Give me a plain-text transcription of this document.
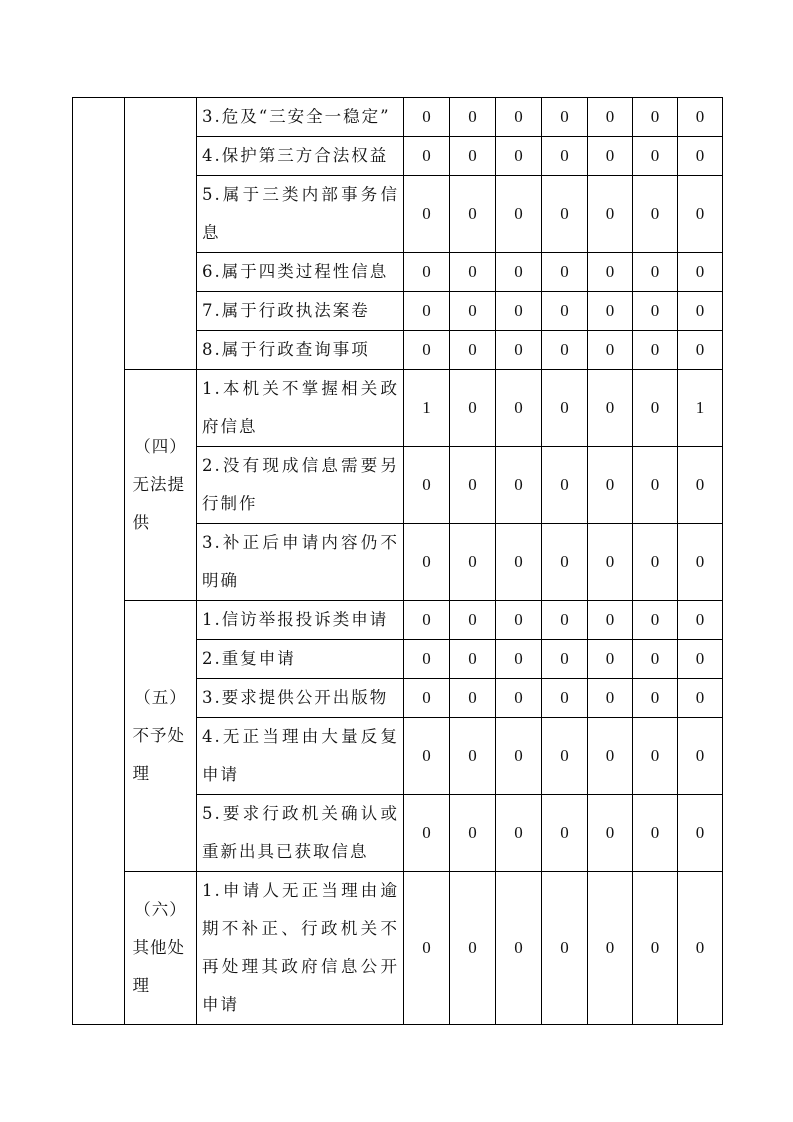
	3.危及“三安全一稳定”	0	0	0	0	0	0	0
		4.保护第三方合法权益	0	0	0	0	0	0	0
		5.属于三类内部事务信息	0	0	0	0	0	0	0
		6.属于四类过程性信息	0	0	0	0	0	0	0
		7.属于行政执法案卷	0	0	0	0	0	0	0
		8.属于行政查询事项	0	0	0	0	0	0	0

	（四）
无法提供	1.本机关不掌握相关政府信息	1	0	0	0	0	0	1
		2.没有现成信息需要另行制作	0	0	0	0	0	0	0
		3.补正后申请内容仍不明确	0	0	0	0	0	0	0

	（五）
不予处理	1.信访举报投诉类申请	0	0	0	0	0	0	0
		2.重复申请	0	0	0	0	0	0	0
		3.要求提供公开出版物	0	0	0	0	0	0	0
		4.无正当理由大量反复申请	0	0	0	0	0	0	0
		5.要求行政机关确认或重新出具已获取信息	0	0	0	0	0	0	0

	（六）
其他处理	1.申请人无正当理由逾期不补正、行政机关不再处理其政府信息公开申请	0	0	0	0	0	0	0
